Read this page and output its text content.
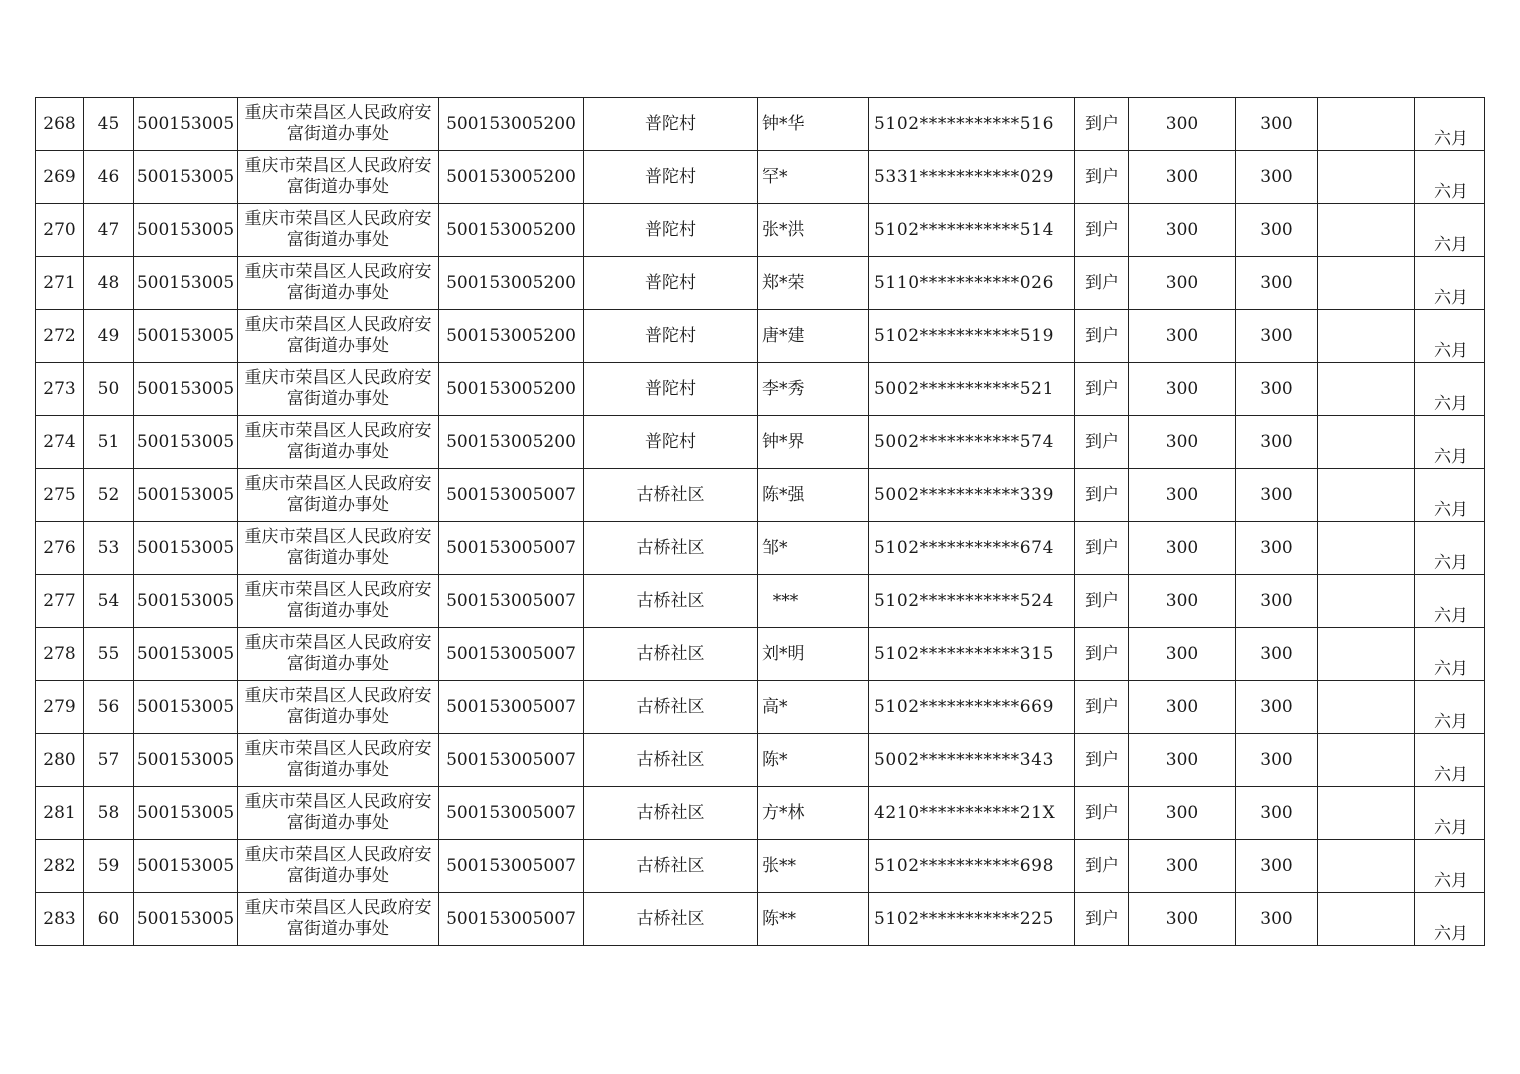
268	45	500153005	重庆市荣昌区人民政府安富街道办事处	500153005200	普陀村	钟*华	5102***********516	到户	300	300		六月
269	46	500153005	重庆市荣昌区人民政府安富街道办事处	500153005200	普陀村	罕*	5331***********029	到户	300	300		六月
270	47	500153005	重庆市荣昌区人民政府安富街道办事处	500153005200	普陀村	张*洪	5102***********514	到户	300	300		六月
271	48	500153005	重庆市荣昌区人民政府安富街道办事处	500153005200	普陀村	郑*荣	5110***********026	到户	300	300		六月
272	49	500153005	重庆市荣昌区人民政府安富街道办事处	500153005200	普陀村	唐*建	5102***********519	到户	300	300		六月
273	50	500153005	重庆市荣昌区人民政府安富街道办事处	500153005200	普陀村	李*秀	5002***********521	到户	300	300		六月
274	51	500153005	重庆市荣昌区人民政府安富街道办事处	500153005200	普陀村	钟*界	5002***********574	到户	300	300		六月
275	52	500153005	重庆市荣昌区人民政府安富街道办事处	500153005007	古桥社区	陈*强	5002***********339	到户	300	300		六月
276	53	500153005	重庆市荣昌区人民政府安富街道办事处	500153005007	古桥社区	邹*	5102***********674	到户	300	300		六月
277	54	500153005	重庆市荣昌区人民政府安富街道办事处	500153005007	古桥社区	***	5102***********524	到户	300	300		六月
278	55	500153005	重庆市荣昌区人民政府安富街道办事处	500153005007	古桥社区	刘*明	5102***********315	到户	300	300		六月
279	56	500153005	重庆市荣昌区人民政府安富街道办事处	500153005007	古桥社区	高*	5102***********669	到户	300	300		六月
280	57	500153005	重庆市荣昌区人民政府安富街道办事处	500153005007	古桥社区	陈*	5002***********343	到户	300	300		六月
281	58	500153005	重庆市荣昌区人民政府安富街道办事处	500153005007	古桥社区	方*林	4210***********21X	到户	300	300		六月
282	59	500153005	重庆市荣昌区人民政府安富街道办事处	500153005007	古桥社区	张**	5102***********698	到户	300	300		六月
283	60	500153005	重庆市荣昌区人民政府安富街道办事处	500153005007	古桥社区	陈**	5102***********225	到户	300	300		六月
